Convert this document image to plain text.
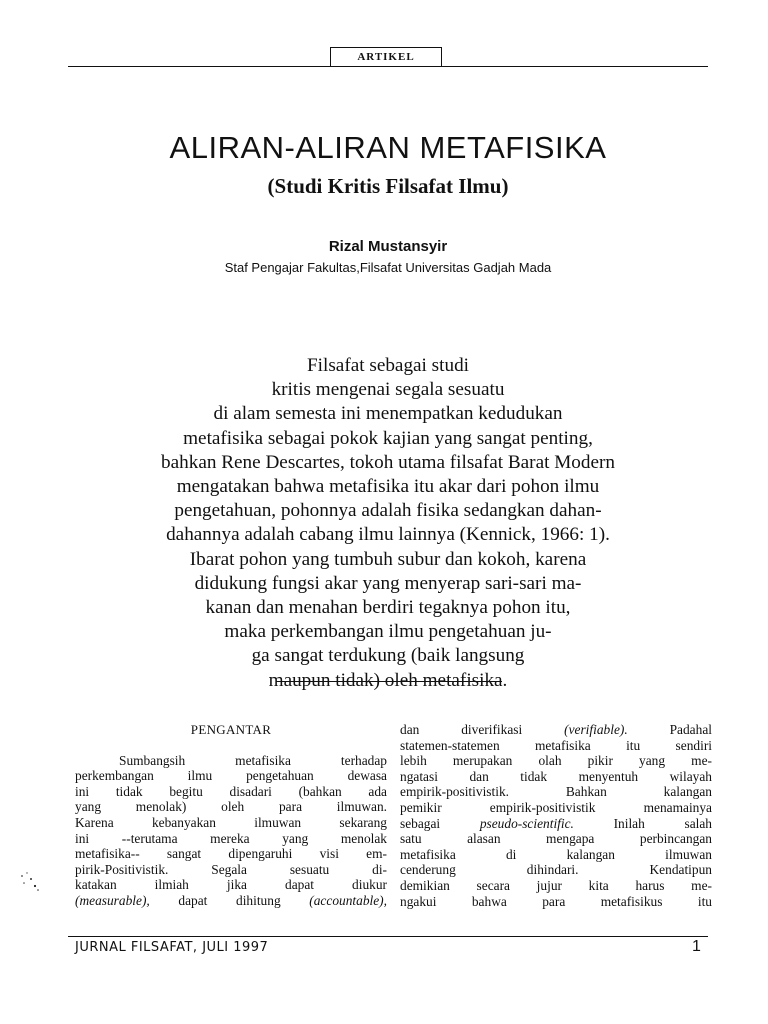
ARTIKEL
ALIRAN-ALIRAN METAFISIKA
(Studi Kritis Filsafat Ilmu)
Rizal Mustansyir
Staf Pengajar Fakultas,Filsafat Universitas Gadjah Mada
Filsafat sebagai studi
kritis mengenai segala sesuatu
di alam semesta ini menempatkan kedudukan
metafisika sebagai pokok kajian yang sangat penting,
bahkan Rene Descartes, tokoh utama filsafat Barat Modern
mengatakan bahwa metafisika itu akar dari pohon ilmu
pengetahuan, pohonnya adalah fisika sedangkan dahan-
dahannya adalah cabang ilmu lainnya (Kennick, 1966: 1).
Ibarat pohon yang tumbuh subur dan kokoh, karena
didukung fungsi akar yang menyerap sari-sari ma-
kanan dan menahan berdiri tegaknya pohon itu,
maka perkembangan ilmu pengetahuan ju-
ga sangat terdukung (baik langsung
maupun tidak) oleh metafisika.
PENGANTAR
Sumbangsih metafisika terhadap
perkembangan ilmu pengetahuan dewasa
ini tidak begitu disadari (bahkan ada
yang menolak) oleh para ilmuwan.
Karena kebanyakan ilmuwan sekarang
ini --terutama mereka yang menolak
metafisika-- sangat dipengaruhi visi em-
pirik-Positivistik. Segala sesuatu di-
katakan ilmiah jika dapat diukur
(measurable), dapat dihitung (accountable),
dan diverifikasi (verifiable). Padahal
statemen-statemen metafisika itu sendiri
lebih merupakan olah pikir yang me-
ngatasi dan tidak menyentuh wilayah
empirik-positivistik. Bahkan kalangan
pemikir empirik-positivistik menamainya
sebagai pseudo-scientific. Inilah salah
satu alasan mengapa perbincangan
metafisika di kalangan ilmuwan
cenderung dihindari. Kendatipun
demikian secara jujur kita harus me-
ngakui bahwa para metafisikus itu
JURNAL FILSAFAT, JULI 1997	1
